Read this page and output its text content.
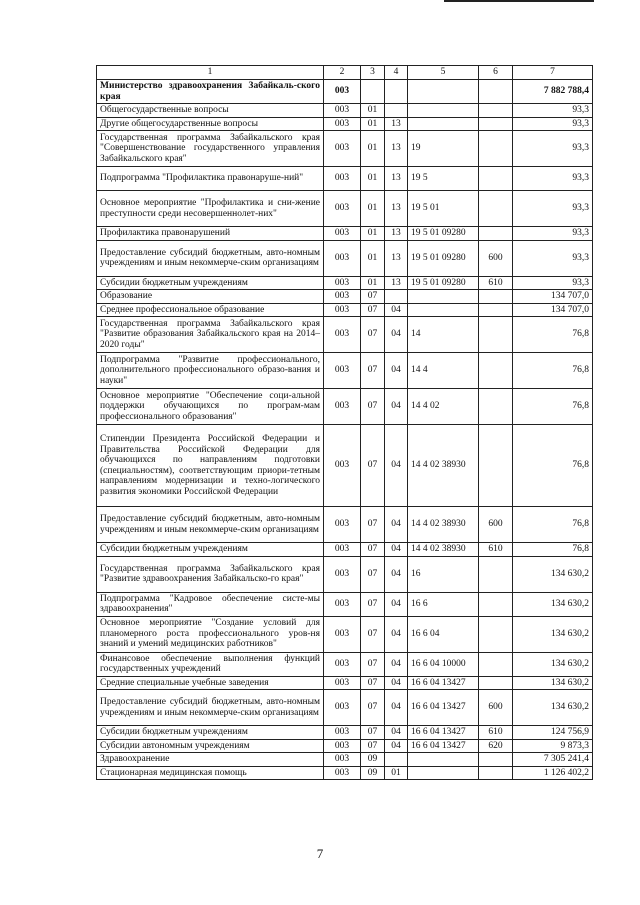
1	2	3	4	5	6	7
Министерство здравоохранения Забайкаль-ского края	003					7 882 788,4
Общегосударственные вопросы	003	01				93,3
Другие общегосударственные вопросы	003	01	13			93,3
Государственная программа Забайкальского края "Совершенствование государственного управления Забайкальского края"	003	01	13	19		93,3
Подпрограмма "Профилактика правонаруше-ний"	003	01	13	19 5		93,3
Основное мероприятие "Профилактика и сни-жение преступности среди несовершеннолет-них"	003	01	13	19 5 01		93,3
Профилактика правонарушений	003	01	13	19 5 01 09280		93,3
Предоставление субсидий бюджетным, авто-номным учреждениям и иным некоммерче-ским организациям	003	01	13	19 5 01 09280	600	93,3
Субсидии бюджетным учреждениям	003	01	13	19 5 01 09280	610	93,3
Образование	003	07				134 707,0
Среднее профессиональное образование	003	07	04			134 707,0
Государственная программа Забайкальского края "Развитие образования Забайкальского края на 2014–2020 годы"	003	07	04	14		76,8
Подпрограмма "Развитие профессионального, дополнительного профессионального образо-вания и науки"	003	07	04	14 4		76,8
Основное мероприятие "Обеспечение соци-альной поддержки обучающихся по програм-мам профессионального образования"	003	07	04	14 4 02		76,8
Стипендии Президента Российской Федерации и Правительства Российской Федерации для обучающихся по направлениям подготовки (специальностям), соответствующим приори-тетным направлениям модернизации и техно-логического развития экономики Российской Федерации	003	07	04	14 4 02 38930		76,8
Предоставление субсидий бюджетным, авто-номным учреждениям и иным некоммерче-ским организациям	003	07	04	14 4 02 38930	600	76,8
Субсидии бюджетным учреждениям	003	07	04	14 4 02 38930	610	76,8
Государственная программа Забайкальского края "Развитие здравоохранения Забайкальско-го края"	003	07	04	16		134 630,2
Подпрограмма "Кадровое обеспечение систе-мы здравоохранения"	003	07	04	16 6		134 630,2
Основное мероприятие "Создание условий для планомерного роста профессионального уров-ня знаний и умений медицинских работников"	003	07	04	16 6 04		134 630,2
Финансовое обеспечение выполнения функций государственных учреждений	003	07	04	16 6 04 10000		134 630,2
Средние специальные учебные заведения	003	07	04	16 6 04 13427		134 630,2
Предоставление субсидий бюджетным, авто-номным учреждениям и иным некоммерче-ским организациям	003	07	04	16 6 04 13427	600	134 630,2
Субсидии бюджетным учреждениям	003	07	04	16 6 04 13427	610	124 756,9
Субсидии автономным учреждениям	003	07	04	16 6 04 13427	620	9 873,3
Здравоохранение	003	09				7 305 241,4
Стационарная медицинская помощь	003	09	01			1 126 402,2
7
